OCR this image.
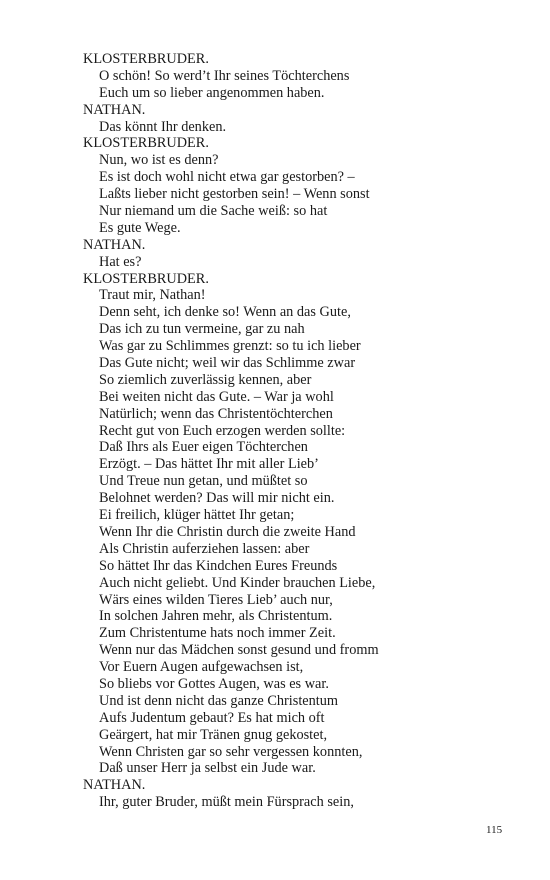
KLOSTERBRUDER.
O schön! So werd’t Ihr seines Töchterchens
Euch um so lieber angenommen haben.
NATHAN.
Das könnt Ihr denken.
KLOSTERBRUDER.
Nun, wo ist es denn?
Es ist doch wohl nicht etwa gar gestorben? –
Laßts lieber nicht gestorben sein! – Wenn sonst
Nur niemand um die Sache weiß: so hat
Es gute Wege.
NATHAN.
Hat es?
KLOSTERBRUDER.
Traut mir, Nathan!
Denn seht, ich denke so! Wenn an das Gute,
Das ich zu tun vermeine, gar zu nah
Was gar zu Schlimmes grenzt: so tu ich lieber
Das Gute nicht; weil wir das Schlimme zwar
So ziemlich zuverlässig kennen, aber
Bei weiten nicht das Gute. – War ja wohl
Natürlich; wenn das Christentöchterchen
Recht gut von Euch erzogen werden sollte:
Daß Ihrs als Euer eigen Töchterchen
Erzögt. – Das hättet Ihr mit aller Lieb’
Und Treue nun getan, und müßtet so
Belohnet werden? Das will mir nicht ein.
Ei freilich, klüger hättet Ihr getan;
Wenn Ihr die Christin durch die zweite Hand
Als Christin auferziehen lassen: aber
So hättet Ihr das Kindchen Eures Freunds
Auch nicht geliebt. Und Kinder brauchen Liebe,
Wärs eines wilden Tieres Lieb’ auch nur,
In solchen Jahren mehr, als Christentum.
Zum Christentume hats noch immer Zeit.
Wenn nur das Mädchen sonst gesund und fromm
Vor Euern Augen aufgewachsen ist,
So bliebs vor Gottes Augen, was es war.
Und ist denn nicht das ganze Christentum
Aufs Judentum gebaut? Es hat mich oft
Geärgert, hat mir Tränen gnug gekostet,
Wenn Christen gar so sehr vergessen konnten,
Daß unser Herr ja selbst ein Jude war.
NATHAN.
Ihr, guter Bruder, müßt mein Fürsprach sein,
115
